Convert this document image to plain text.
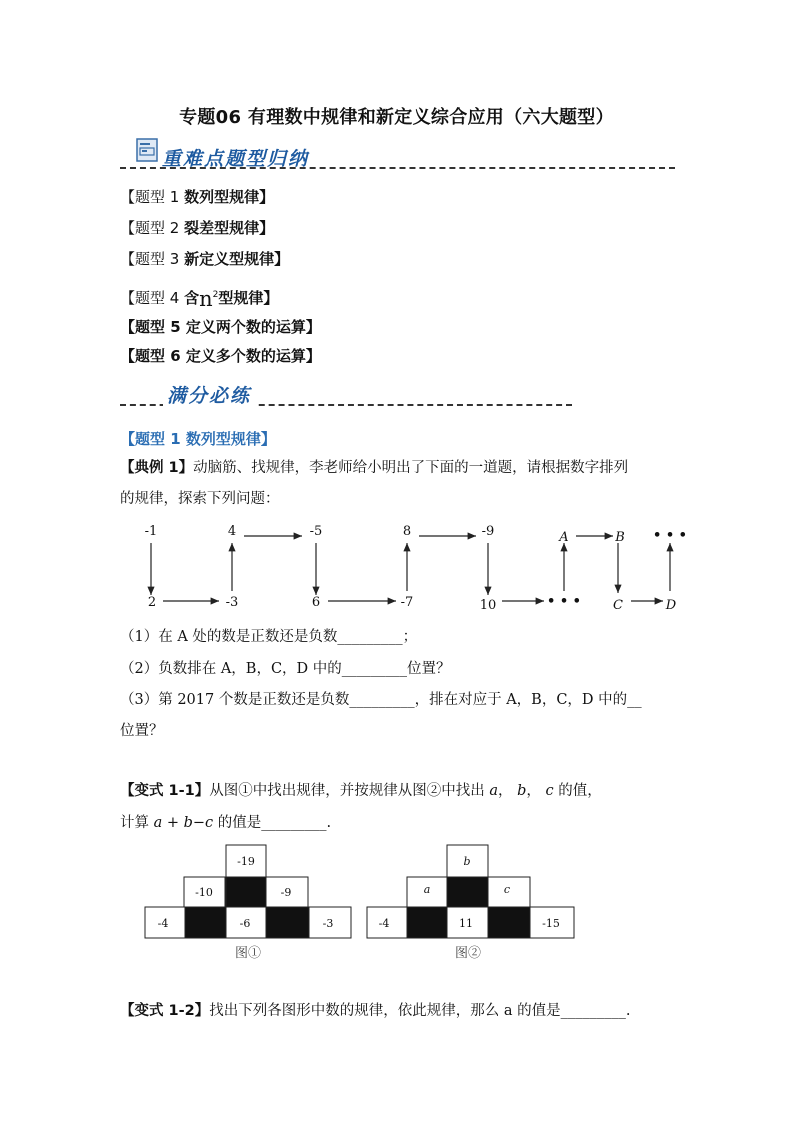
专题06 有理数中规律和新定义综合应用（六大题型）
重难点题型归纳
【题型 1 数列型规律】
【题型 2 裂差型规律】
【题型 3 新定义型规律】
【题型 4 含$n^2$型规律】
【题型 5 定义两个数的运算】
【题型 6 定义多个数的运算】
满分必练
【题型 1 数列型规律】
【典例 1】动脑筋、找规律，李老师给小明出了下面的一道题，请根据数字排列
的规律，探索下列问题：
-1	4	-5	8	-9	A	B • • •
2	-3	6	-7	10	• • • C	D
（1）在 A 处的数是正数还是负数_________；
（2）负数排在 A，B，C，D 中的_________位置？
（3）第 2017 个数是正数还是负数_________，排在对应于 A，B，C，D 中的__
位置？
【变式 1-1】从图①中找出规律，并按规律从图②中找出 a， b， c 的值，
计算 a + b−c 的值是_________.
-19
-10	-9
-4	-6	-3
b
a	c
-4	11	-15
图①	图②
【变式 1-2】找出下列各图形中数的规律，依此规律，那么 a 的值是_________.
